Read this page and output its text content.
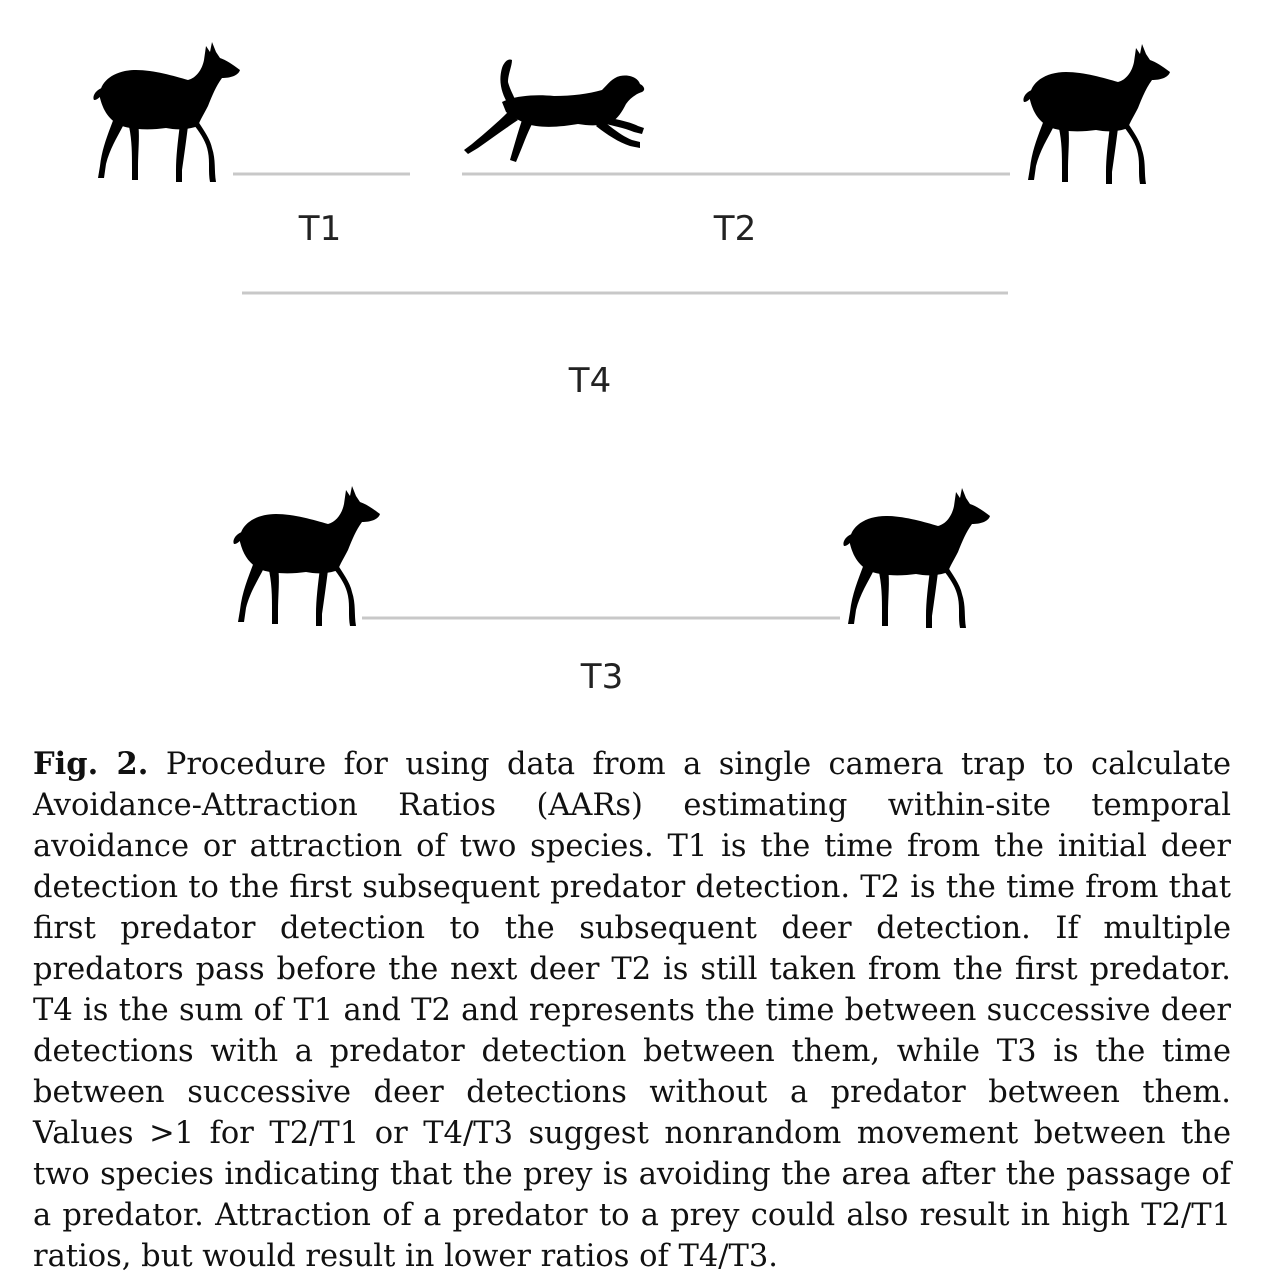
T1	T2
T4
T3

Fig. 2. Procedure for using data from a single camera trap to calculate Avoidance-Attraction Ratios (AARs) estimating within-site temporal avoidance or attraction of two species. T1 is the time from the initial deer detection to the first subsequent predator detection. T2 is the time from that first predator detection to the subsequent deer detection. If multiple predators pass before the next deer T2 is still taken from the first predator. T4 is the sum of T1 and T2 and represents the time between successive deer detections with a predator detection between them, while T3 is the time between successive deer detections without a predator between them. Values >1 for T2/T1 or T4/T3 suggest nonrandom movement between the two species indicating that the prey is avoiding the area after the passage of a predator. Attraction of a predator to a prey could also result in high T2/T1 ratios, but would result in lower ratios of T4/T3.
